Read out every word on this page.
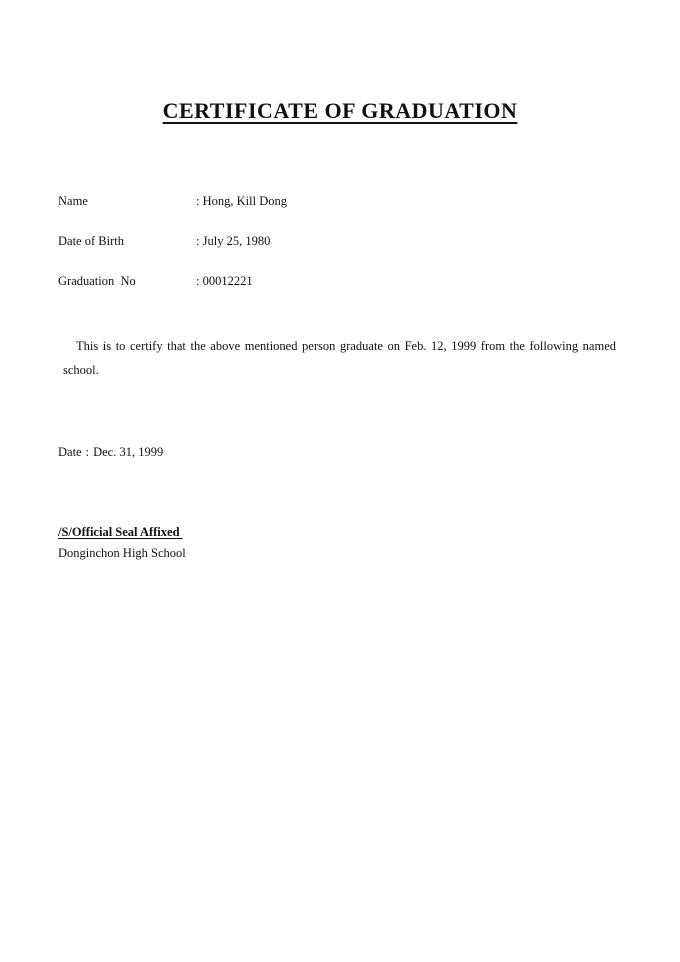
CERTIFICATE OF GRADUATION
Name	: Hong, Kill Dong
Date of Birth	: July 25, 1980
Graduation  No	: 00012221

This is to certify that the above mentioned person graduate on Feb. 12, 1999 from the following named school.

Date : Dec. 31, 1999
/S/Official Seal Affixed
Donginchon High School
